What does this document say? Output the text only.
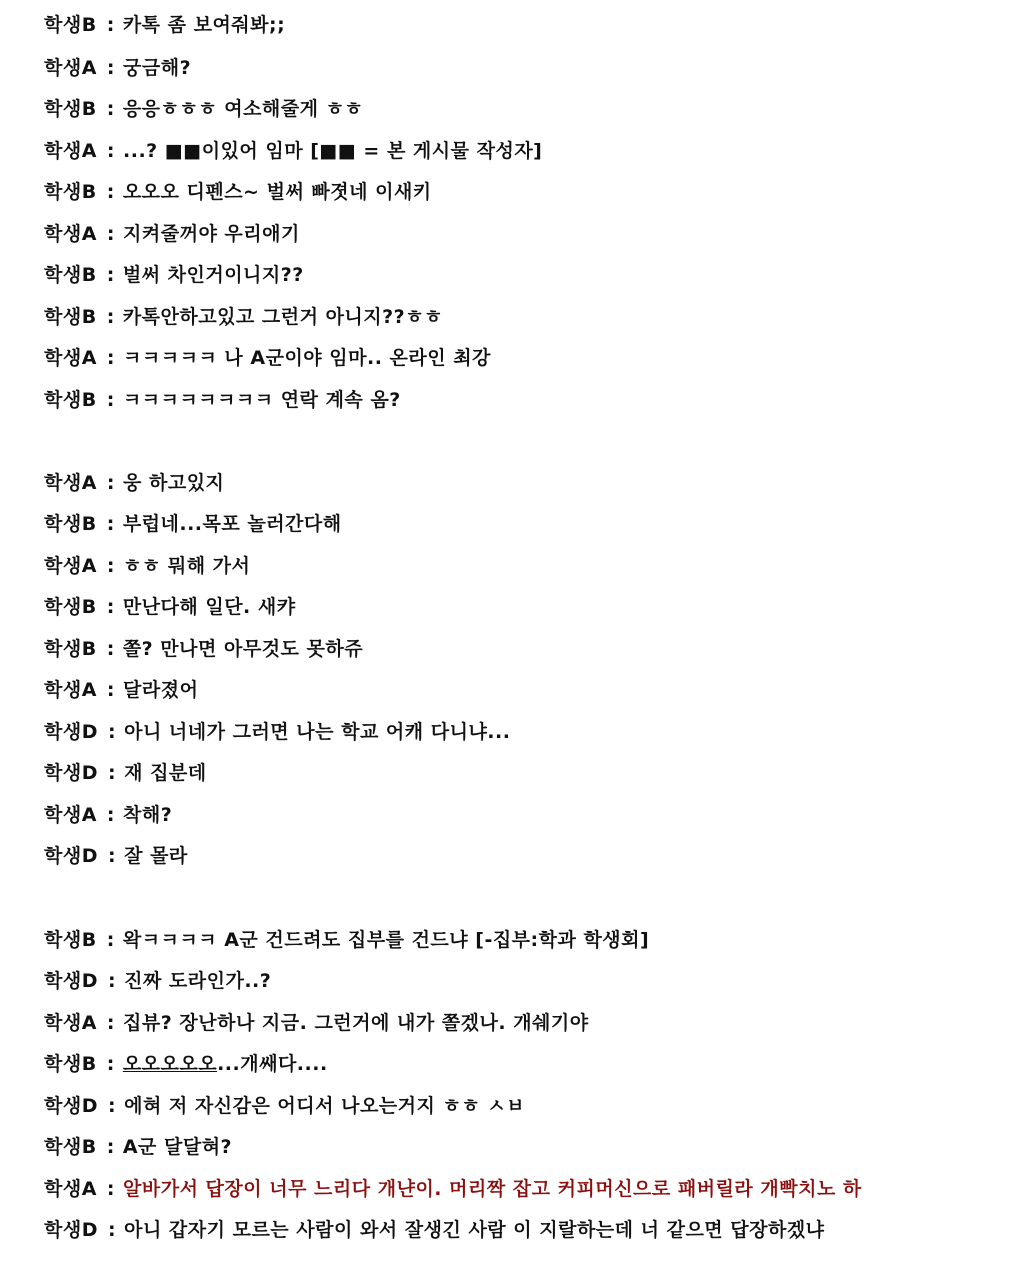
학생B : 카톡 좀 보여줘봐;;
학생A : 궁금해?
학생B : 응응ㅎㅎㅎ 여소해줄게 ㅎㅎ
학생A : ...? ■■이있어 임마 [■■ = 본 게시물 작성자]
학생B : 오오오 디펜스~ 벌써 빠졋네 이새키
학생A : 지켜줄꺼야 우리애기
학생B : 벌써 차인거이니지??
학생B : 카톡안하고있고 그런거 아니지??ㅎㅎ
학생A : ㅋㅋㅋㅋㅋ 나 A군이야 임마.. 온라인 최강
학생B : ㅋㅋㅋㅋㅋㅋㅋㅋ 연락 계속 옴?
학생A : 웅 하고있지
학생B : 부럽네...목포 놀러간다해
학생A : ㅎㅎ 뭐해 가서
학생B : 만난다해 일단. 새캬
학생B : 쫄? 만나면 아무것도 못하쥬
학생A : 달라졌어
학생D : 아니 너네가 그러면 나는 학교 어캐 다니냐...
학생D : 재 집분데
학생A : 착해?
학생D : 잘 몰라
학생B : 왁ㅋㅋㅋㅋ A군 건드려도 집부를 건드냐 [-집부:학과 학생회]
학생D : 진짜 도라인가..?
학생A : 집뷰? 장난하나 지금. 그런거에 내가 쫄겠나. 개쉐기야
학생B : 오오오오오...개쌔다....
학생D : 에혀 저 자신감은 어디서 나오는거지 ㅎㅎ ㅅㅂ
학생B : A군 달달혀?
학생A : 알바가서 답장이 너무 느리다 개냔이. 머리짝 잡고 커피머신으로 패버릴라 개빡치노 하
학생D : 아니 갑자기 모르는 사람이 와서 잘생긴 사람 이 지랄하는데 너 같으면 답장하겠냐
